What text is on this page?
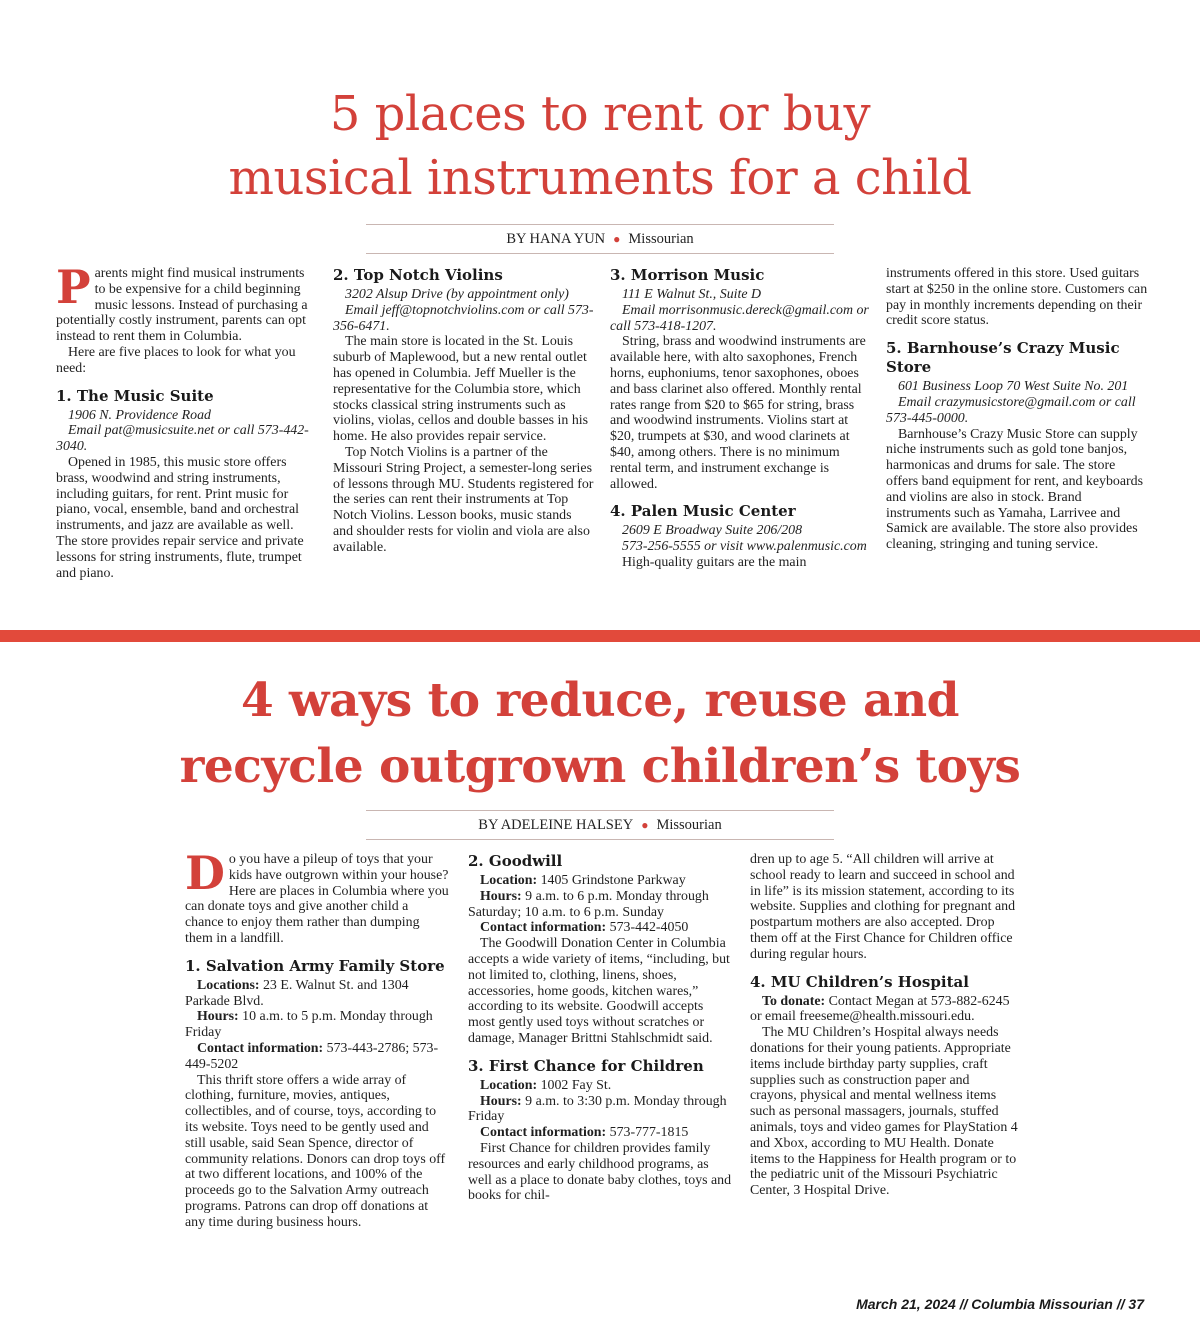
5 places to rent or buy
musical instruments for a child
BY HANA YUN ● Missourian

Parents might find musical instruments to be expensive for a child beginning music lessons. Instead of purchasing a potentially costly instrument, parents can opt instead to rent them in Columbia.

Here are five places to look for what you need:

1. The Music Suite

1906 N. Providence Road

Email pat@musicsuite.net or call 573-442-3040.

Opened in 1985, this music store offers brass, woodwind and string instruments, including guitars, for rent. Print music for piano, vocal, ensemble, band and orchestral instruments, and jazz are available as well. The store provides repair service and private lessons for string instruments, flute, trumpet and piano.

2. Top Notch Violins

3202 Alsup Drive (by appointment only)

Email jeff@topnotchviolins.com or call 573-356-6471.

The main store is located in the St. Louis suburb of Maplewood, but a new rental outlet has opened in Columbia. Jeff Mueller is the representative for the Columbia store, which stocks classical string instruments such as violins, violas, cellos and double basses in his home. He also provides repair service.

Top Notch Violins is a partner of the Missouri String Project, a semester-long series of lessons through MU. Students registered for the series can rent their instruments at Top Notch Violins. Lesson books, music stands and shoulder rests for violin and viola are also available.

3. Morrison Music

111 E Walnut St., Suite D

Email morrisonmusic.dereck@gmail.com or call 573-418-1207.

String, brass and woodwind instruments are available here, with alto saxophones, French horns, euphoniums, tenor saxophones, oboes and bass clarinet also offered. Monthly rental rates range from $20 to $65 for string, brass and woodwind instruments. Violins start at $20, trumpets at $30, and wood clarinets at $40, among others. There is no minimum rental term, and instrument exchange is allowed.

4. Palen Music Center

2609 E Broadway Suite 206/208

573-256-5555 or visit www.palenmusic.com

High-quality guitars are the main

instruments offered in this store. Used guitars start at $250 in the online store. Customers can pay in monthly increments depending on their credit score status.

5. Barnhouse’s Crazy Music Store

601 Business Loop 70 West Suite No. 201

Email crazymusicstore@gmail.com or call 573-445-0000.

Barnhouse’s Crazy Music Store can supply niche instruments such as gold tone banjos, harmonicas and drums for sale. The store offers band equipment for rent, and keyboards and violins are also in stock. Brand instruments such as Yamaha, Larrivee and Samick are available. The store also provides cleaning, stringing and tuning service.

4 ways to reduce, reuse and
recycle outgrown children’s toys
BY ADELEINE HALSEY ● Missourian

Do you have a pileup of toys that your kids have outgrown within your house? Here are places in Columbia where you can donate toys and give another child a chance to enjoy them rather than dumping them in a landfill.

1. Salvation Army Family Store

Locations: 23 E. Walnut St. and 1304 Parkade Blvd.

Hours: 10 a.m. to 5 p.m. Monday through Friday

Contact information: 573-443-2786; 573-449-5202

This thrift store offers a wide array of clothing, furniture, movies, antiques, collectibles, and of course, toys, according to its website. Toys need to be gently used and still usable, said Sean Spence, director of community relations. Donors can drop toys off at two different locations, and 100% of the proceeds go to the Salvation Army outreach programs. Patrons can drop off donations at any time during business hours.

2. Goodwill

Location: 1405 Grindstone Parkway

Hours: 9 a.m. to 6 p.m. Monday through Saturday; 10 a.m. to 6 p.m. Sunday

Contact information: 573-442-4050

The Goodwill Donation Center in Columbia accepts a wide variety of items, “including, but not limited to, clothing, linens, shoes, accessories, home goods, kitchen wares,” according to its website. Goodwill accepts most gently used toys without scratches or damage, Manager Brittni Stahlschmidt said.

3. First Chance for Children

Location: 1002 Fay St.

Hours: 9 a.m. to 3:30 p.m. Monday through Friday

Contact information: 573-777-1815

First Chance for children provides family resources and early childhood programs, as well as a place to donate baby clothes, toys and books for chil-

dren up to age 5. “All children will arrive at school ready to learn and succeed in school and in life” is its mission statement, according to its website. Supplies and clothing for pregnant and postpartum mothers are also accepted. Drop them off at the First Chance for Children office during regular hours.

4. MU Children’s Hospital

To donate: Contact Megan at 573-882-6245 or email freeseme@health.missouri.edu.

The MU Children’s Hospital always needs donations for their young patients. Appropriate items include birthday party supplies, craft supplies such as construction paper and crayons, physical and mental wellness items such as personal massagers, journals, stuffed animals, toys and video games for PlayStation 4 and Xbox, according to MU Health. Donate items to the Happiness for Health program or to the pediatric unit of the Missouri Psychiatric Center, 3 Hospital Drive.

March 21, 2024 // Columbia Missourian // 37
